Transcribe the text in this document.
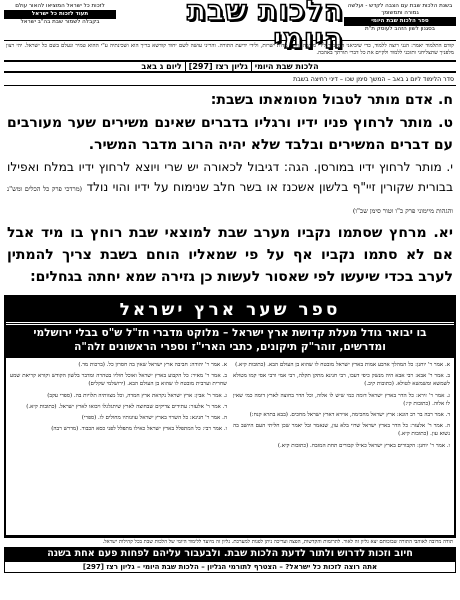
בשנת הלכות שבת עם הצבה לקדש - ועלשה גמורה ותמשומך
ספר הלכות שבת היומי
בסגנון לשון הזהב לעוסק ת"ת
הלכות שבת היומי
לזכות כל ישראל המוציאו להאור עולם
תעוד לזכות כל ישראל
בקבלה לשמור שבת בה"ב ישראל
קודם התלמוד יאמר: הנני רוצה ללמוד, כדי שיביאני התלמוד לידי מעשה, ולידי מדות ישרות, ולידי ידיעת התורה. והריני עושה לשם יחוד קודשא בריך הוא ושכינתיה ע"י ההוא טמיר ונעלם בשם כל ישראל. יהי רצון מלפניך שתצליחני ותזכני ללמוד ולקיים את כל דברי תורתך באהבה.
הלכות שבת היומי
גליון רצז [297]
ליום ג באב
סדר הלימוד ליום ג באב – המשך סימן שכו – דיני רחיצה בשבת
ח. אדם מותר לטבול מטומאתו בשבת:
ט. מותר לרחוץ פניו ידיו ורגליו בדברים שאינם משירים שער מעורבים עם דברים המשירים ובלבד שלא יהיה הרוב מדבר המשיר.
י. מותר לרחוץ ידיו במורסן. הגה: דגיבול לכאורה יש שרי ויוצא לרחוץ ידיו במלח ואפילו בבורית שקורין זיי"ף בלשון אשכנז או בשר חלב שנימוח על ידיו והוי נולד (מרדכי פרק כל הכלים ומש"נ והגהות מיימוני פרק כ"ו וטור סימן שכ"ו)
יא. מרחץ שסתמו נקביו מערב שבת למוצאי שבת רוחץ בו מיד אבל אם לא סתמו נקביו אף על פי שמאליו הוחם בשבת צריך להמתין לערב בכדי שיעשו לפי שאסור לעשות כן גזירה שמא יחתה בגחלים:
ספר שער ארץ ישראל
בו יבואר גודל מעלת קדושת ארץ ישראל – מלוקט מדברי חז"ל ש"ס בבלי ירושלמי ומדרשים, זוהר"ק תיקונים, כתבי הארי"ז וספרי הראשונים זלה"ה

א. אמר ר' יוחנן: כל המהלך ארבע אמות בארץ ישראל מובטח לו שהוא בן העולם הבא. (כתובות קיא.)

ב. אמר ר' אבא: רבי אבא היה מנשק כיפי דעכו, רבי חנינא מתקן תקלה, רבי אמי ורבי אסי קמו מטולא לשמשא ומשמשא לטולא. (כתובות קיב.)

ג. אמר ר' זירא: כל הדר בארץ ישראל דומה כמי שיש לו אלוה, וכל הדר בחוצה לארץ דומה כמי שאין לו אלוה. (כתובות קי:)

ד. אמר רבה בר רב הונא: ארץ ישראל מחכימה, אוירא דארץ ישראל מחכים. (בבא בתרא קנח:)

ה. אמר ר' אלעזר: כל הדר בארץ ישראל שרוי בלא עון, שנאמר ובל יאמר שכן חליתי העם היושב בה נשוא עון. (כתובות קיא.)

ו. אמר ר' יוחנן: הקבורים בארץ ישראל כאילו קבורים תחת המזבח. (כתובות קיא.)

א. אמר ר' יהודה: חביבה ארץ ישראל שאין בה חסרון כל. (ברכות מד.)

ב. אמר ר' מאיר: כל הקבוע בארץ ישראל ואוכל חוליו בטהרה ומדבר בלשון הקודש וקורא קריאת שמע שחרית וערבית מובטח לו שהוא בן העולם הבא. (ירושלמי שקלים)

ג. אמר ר' אבין: ארץ ישראל נקראת ארץ חמדה, וכל מצוותיה תלויות בה. (ספרי עקב)

ד. אמר ר' אלעזר: עתידים צדיקים שבחוצה לארץ שיתגלגלו ויבואו לארץ ישראל. (כתובות קיא.)

ה. אמר ר' חנינא: כל השרוי בארץ ישראל עוונותיו מחולים לו. (ספרי)

ו. אמר רבי: כל המתפלל בארץ ישראל כאילו מתפלל לפני כסא הכבוד. (מדרש רבה)

תודה מרובה לאוהבי התורה שבזכותם יצא גליון זה לאור. לתרומות והקדשות, הפצה ועריכה ניתן לפנות למערכת. גליון זה מיועד ללימוד היומי של הלכות שבת בכל קהילות ישראל.
חיוב וזכות לדרוש ולתור לדעת הלכות שבת. ולבעבור עליהם לפחות פעם אחת בשנה
אתה רוצה לזכות כל ישראל? – הצטרף לתורמי הגליון – הלכות שבת היומי – גליון רצז [297]
